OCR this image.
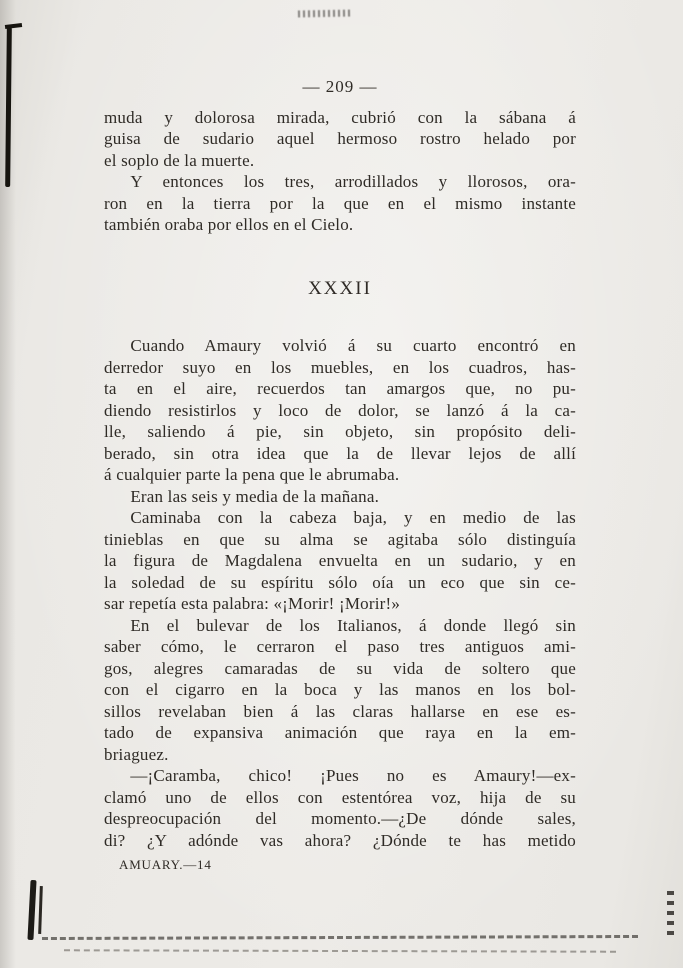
— 209 —

muda y dolorosa mirada, cubrió con la sábana á
guisa de sudario aquel hermoso rostro helado por
el soplo de la muerte.

Y entonces los tres, arrodillados y llorosos, ora-
ron en la tierra por la que en el mismo instante
también oraba por ellos en el Cielo.

XXXII

Cuando Amaury volvió á su cuarto encontró en
derredor suyo en los muebles, en los cuadros, has-
ta en el aire, recuerdos tan amargos que, no pu-
diendo resistirlos y loco de dolor, se lanzó á la ca-
lle, saliendo á pie, sin objeto, sin propósito deli-
berado, sin otra idea que la de llevar lejos de allí
á cualquier parte la pena que le abrumaba.

Eran las seis y media de la mañana.

Caminaba con la cabeza baja, y en medio de las
tinieblas en que su alma se agitaba sólo distinguía
la figura de Magdalena envuelta en un sudario, y en
la soledad de su espíritu sólo oía un eco que sin ce-
sar repetía esta palabra: «¡Morir! ¡Morir!»

En el bulevar de los Italianos, á donde llegó sin
saber cómo, le cerraron el paso tres antiguos ami-
gos, alegres camaradas de su vida de soltero que
con el cigarro en la boca y las manos en los bol-
sillos revelaban bien á las claras hallarse en ese es-
tado de expansiva animación que raya en la em-
briaguez.

—¡Caramba, chico! ¡Pues no es Amaury!—ex-
clamó uno de ellos con estentórea voz, hija de su
despreocupación del momento.—¿De dónde sales,
di? ¿Y adónde vas ahora? ¿Dónde te has metido

AMUARY.—14
